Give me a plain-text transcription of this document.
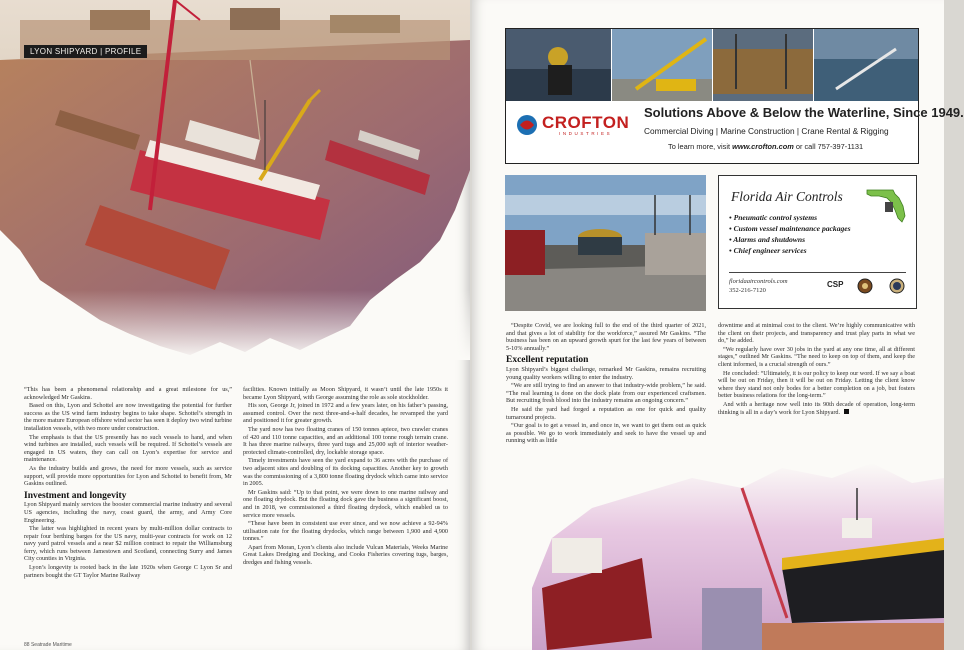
LYON SHIPYARD | PROFILE

“This has been a phenomenal relationship and a great milestone for us,” acknowledged Mr Gaskins.

Based on this, Lyon and Schottel are now investigating the potential for further success as the US wind farm industry begins to take shape. Schottel’s strength in the more mature European offshore wind sector has seen it deploy two wind turbine installation vessels, with two more under construction.

The emphasis is that the US presently has no such vessels to hand, and when wind turbines are installed, such vessels will be required. If Schottel’s vessels are engaged in US waters, they can call on Lyon’s expertise for service and maintenance.

As the industry builds and grows, the need for more vessels, such as service support, will provide more opportunities for Lyon and Schottel to benefit from, Mr Gaskins outlined.

Investment and longevity

Lyon Shipyard mainly services the booster commercial marine industry and several US agencies, including the navy, coast guard, the army, and Army Core Engineering.

The latter was highlighted in recent years by multi-million dollar contracts to repair four berthing barges for the US navy, multi-year contracts for work on 12 navy yard patrol vessels and a near $2 million contract to repair the Williamsburg ferry, which runs between Jamestown and Scotland, connecting Surry and James City counties in Virginia.

Lyon’s longevity is rooted back in the late 1920s when George C Lyon Sr and partners bought the GT Taylor Marine Railway

facilities. Known initially as Moon Shipyard, it wasn’t until the late 1950s it became Lyon Shipyard, with George assuming the role as sole stockholder.

His son, George Jr, joined in 1972 and a few years later, on his father’s passing, assumed control. Over the next three-and-a-half decades, he revamped the yard and positioned it for greater growth.

The yard now has two floating cranes of 150 tonnes apiece, two crawler cranes of 420 and 110 tonne capacities, and an additional 100 tonne rough terrain crane. It has three marine railways, three yard tugs and 25,000 sqft of interior weather-protected climate-controlled, dry, lockable storage space.

Timely investments have seen the yard expand to 36 acres with the purchase of two adjacent sites and doubling of its docking capacities. Another key to growth was the commissioning of a 3,800 tonne floating drydock which came into service in 2005.

Mr Gaskins said: “Up to that point, we were down to one marine railway and one floating drydock. But the floating dock gave the business a significant boost, and in 2018, we commissioned a third floating drydock, which enabled us to service more vessels.

“These have been in consistent use ever since, and we now achieve a 92-94% utilisation rate for the floating drydocks, which range between 1,900 and 4,900 tonnes.”

Apart from Moran, Lyon’s clients also include Vulcan Materials, Weeks Marine Great Lakes Dredging and Docking, and Cooks Fisheries covering tugs, barges, dredges and fishing vessels.

88 Seatrade Maritime
CROFTON
INDUSTRIES
Solutions Above & Below the Waterline, Since 1949.
Commercial Diving | Marine Construction | Crane Rental & Rigging
To learn more, visit www.crofton.com or call 757-397-1131
Florida Air Controls
• Pneumatic control systems
• Custom vessel maintenance packages
• Alarms and shutdowns
• Chief engineer services
floridaaircontrols.com
352-216-7120
CSP

“Despite Covid, we are looking full to the end of the third quarter of 2021, and that gives a lot of stability for the workforce,” assured Mr Gaskins. “The business has been on an upward growth spurt for the last few years of between 5-10% annually.”

Excellent reputation

Lyon Shipyard’s biggest challenge, remarked Mr Gaskins, remains recruiting young quality workers willing to enter the industry.

“We are still trying to find an answer to that industry-wide problem,” he said. “The real learning is done on the dock plate from our experienced craftsmen. But recruiting fresh blood into the industry remains an ongoing concern.”

He said the yard had forged a reputation as one for quick and quality turnaround projects.

“Our goal is to get a vessel in, and once in, we want to get them out as quick as possible. We go to work immediately and seek to have the vessel up and running with as little

downtime and at minimal cost to the client. We’re highly communicative with the client on their projects, and transparency and trust play parts in what we do,” he added.

“We regularly have over 30 jobs in the yard at any one time, all at different stages,” outlined Mr Gaskins. “The need to keep on top of them, and keep the client informed, is a crucial strength of ours.”

He concluded: “Ultimately, it is our policy to keep our word. If we say a boat will be out on Friday, then it will be out on Friday. Letting the client know where they stand not only bodes for a better completion on a job, but fosters better business relations for the long-term.”

And with a heritage now well into its 90th decade of operation, long-term thinking is all in a day’s work for Lyon Shipyard.
